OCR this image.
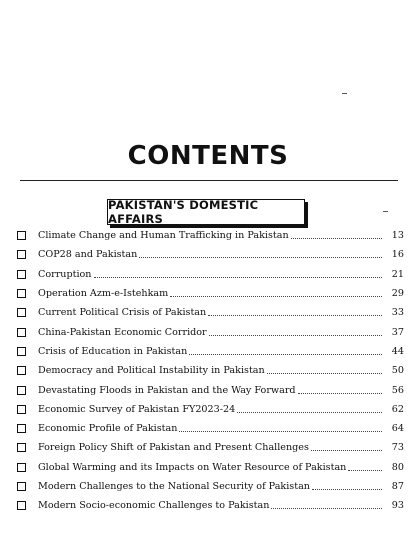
CONTENTS
PAKISTAN'S DOMESTIC AFFAIRS
Climate Change and Human Trafficking in Pakistan	13
COP28 and Pakistan	16
Corruption	21
Operation Azm-e-Istehkam	29
Current Political Crisis of Pakistan	33
China-Pakistan Economic Corridor	37
Crisis of Education in Pakistan	44
Democracy and Political Instability in Pakistan	50
Devastating Floods in Pakistan and the Way Forward	56
Economic Survey of Pakistan FY2023-24	62
Economic Profile of Pakistan	64
Foreign Policy Shift of Pakistan and Present Challenges	73
Global Warming and its Impacts on Water Resource of Pakistan	80
Modern Challenges to the National Security of Pakistan	87
Modern Socio-economic Challenges to Pakistan	93
